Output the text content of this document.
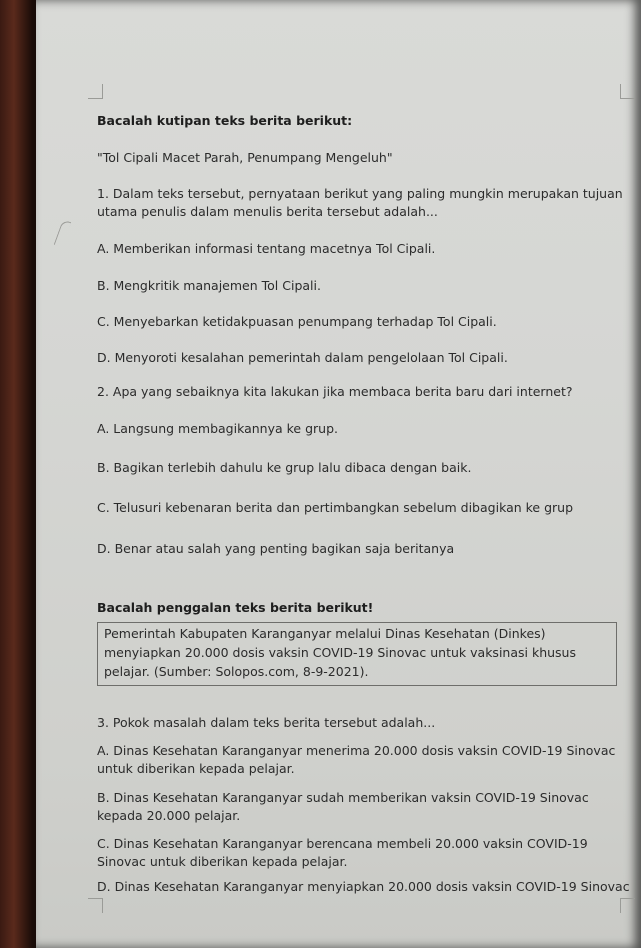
Bacalah kutipan teks berita berikut:
"Tol Cipali Macet Parah, Penumpang Mengeluh"
1. Dalam teks tersebut, pernyataan berikut yang paling mungkin merupakan tujuan
utama penulis dalam menulis berita tersebut adalah...
A. Memberikan informasi tentang macetnya Tol Cipali.
B. Mengkritik manajemen Tol Cipali.
C. Menyebarkan ketidakpuasan penumpang terhadap Tol Cipali.
D. Menyoroti kesalahan pemerintah dalam pengelolaan Tol Cipali.
2. Apa yang sebaiknya kita lakukan jika membaca berita baru dari internet?
A. Langsung membagikannya ke grup.
B. Bagikan terlebih dahulu ke grup lalu dibaca dengan baik.
C. Telusuri kebenaran berita dan pertimbangkan sebelum dibagikan ke grup
D. Benar atau salah yang penting bagikan saja beritanya
Bacalah penggalan teks berita berikut!
Pemerintah Kabupaten Karanganyar melalui Dinas Kesehatan (Dinkes)
menyiapkan 20.000 dosis vaksin COVID-19 Sinovac untuk vaksinasi khusus
pelajar. (Sumber: Solopos.com, 8-9-2021).
3. Pokok masalah dalam teks berita tersebut adalah...
A. Dinas Kesehatan Karanganyar menerima 20.000 dosis vaksin COVID-19 Sinovac
untuk diberikan kepada pelajar.
B. Dinas Kesehatan Karanganyar sudah memberikan vaksin COVID-19 Sinovac
kepada 20.000 pelajar.
C. Dinas Kesehatan Karanganyar berencana membeli 20.000 vaksin COVID-19
Sinovac untuk diberikan kepada pelajar.
D. Dinas Kesehatan Karanganyar menyiapkan 20.000 dosis vaksin COVID-19 Sinovac
